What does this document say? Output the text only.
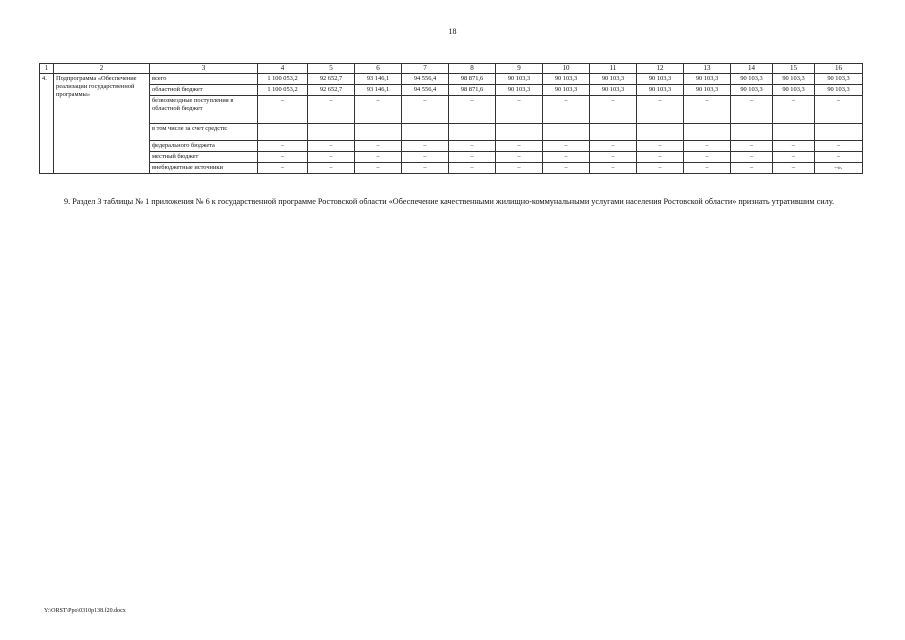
18
1	2	3	4	5	6	7	8	9	10	11	12	13	14	15	16
4.	Подпрограмма «Обеспечение реализации государственной программы»	всего	1 100 053,2	92 652,7	93 146,1	94 556,4	98 871,6	90 103,3	90 103,3	90 103,3	90 103,3	90 103,3	90 103,3	90 103,3	90 103,3
		областной бюджет	1 100 053,2	92 652,7	93 146,1	94 556,4	98 871,6	90 103,3	90 103,3	90 103,3	90 103,3	90 103,3	90 103,3	90 103,3	90 103,3
		безвозмездные поступления в областной бюджет	–	–	–	–	–	–	–	–	–	–	–	–	–
		в том числе за счет средств:													
		федерального бюджета	–	–	–	–	–	–	–	–	–	–	–	–	–
		местный бюджет	–	–	–	–	–	–	–	–	–	–	–	–	–
		внебюджетные источники	–	–	–	–	–	–	–	–	–	–	–	–	–».
9. Раздел 3 таблицы № 1 приложения № 6 к государственной программе Ростовской области «Обеспечение качественными жилищно-коммунальными услугами населения Ростовской области» признать утратившим силу.
Y:\ORST\Ppo\0310p138.f20.docx
